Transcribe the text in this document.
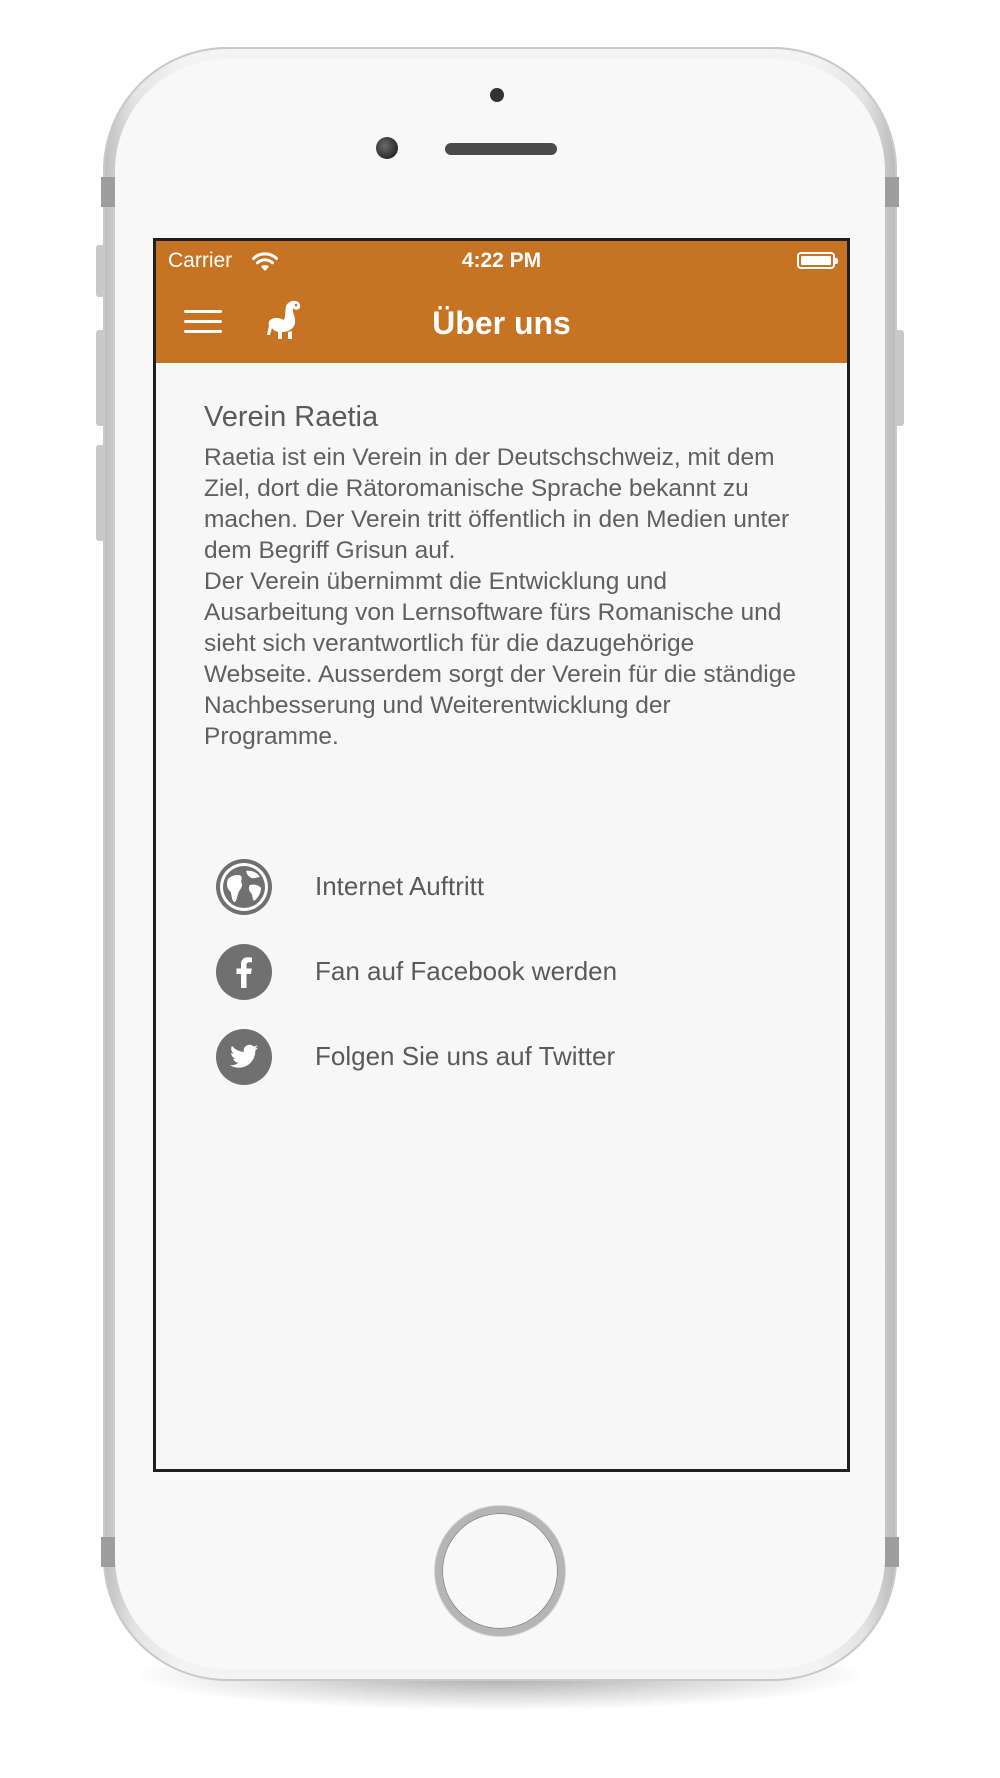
Carrier	4:22 PM
Über uns
Verein Raetia

Raetia ist ein Verein in der Deutschschweiz, mit dem Ziel, dort die Rätoromanische Sprache bekannt zu machen. Der Verein tritt öffentlich in den Medien unter dem Begriff Grisun auf.

Der Verein übernimmt die Entwicklung und Ausarbeitung von Lernsoftware fürs Romanische und sieht sich verantwortlich für die dazugehörige Webseite. Ausserdem sorgt der Verein für die ständige Nachbesserung und Weiterentwicklung der Programme.

Internet Auftritt
Fan auf Facebook werden
Folgen Sie uns auf Twitter
